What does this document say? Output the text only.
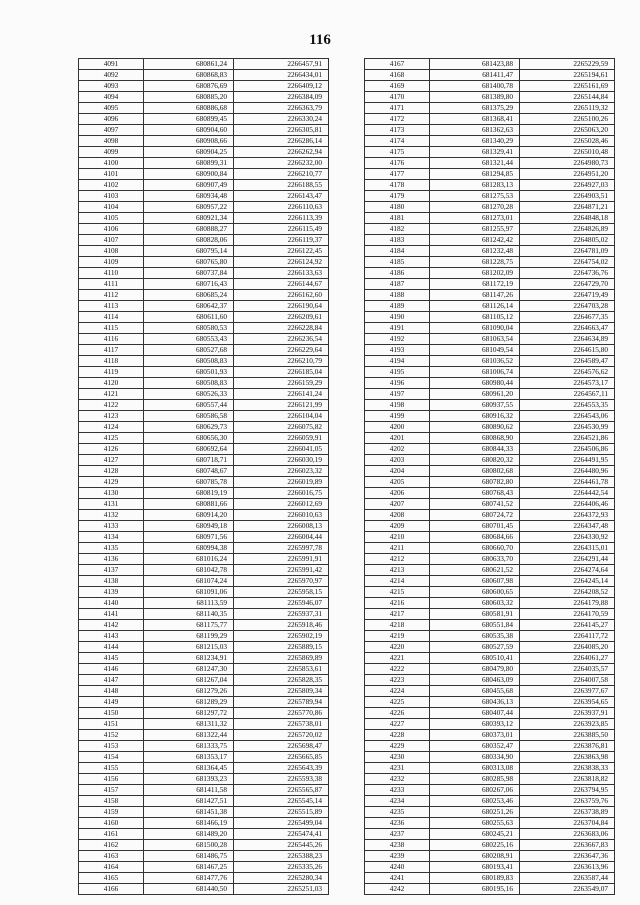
116
4091	680861,24	2266457,91
4092	680868,83	2266434,01
4093	680876,69	2266409,12
4094	680885,20	2266384,09
4095	680886,68	2266363,79
4096	680899,45	2266330,24
4097	680904,60	2266305,81
4098	680908,66	2266286,14
4099	680904,25	2266262,94
4100	680899,31	2266232,00
4101	680900,84	2266210,77
4102	680907,49	2266188,55
4103	680934,48	2266143,47
4104	680957,22	2266110,63
4105	680921,34	2266113,39
4106	680888,27	2266115,49
4107	680828,06	2266119,37
4108	680795,14	2266122,45
4109	680765,80	2266124,92
4110	680737,84	2266133,63
4111	680716,43	2266144,67
4112	680685,24	2266162,60
4113	680642,37	2266190,64
4114	680611,60	2266209,61
4115	680580,53	2266228,84
4116	680553,43	2266236,54
4117	680527,68	2266229,64
4118	680508,83	2266210,79
4119	680501,93	2266185,04
4120	680508,83	2266159,29
4121	680526,33	2266141,24
4122	680557,44	2266121,99
4123	680586,58	2266104,04
4124	680629,73	2266075,82
4125	680656,30	2266059,91
4126	680692,64	2266041,05
4127	680718,71	2266030,19
4128	680748,67	2266023,32
4129	680785,78	2266019,89
4130	680819,19	2266016,75
4131	680881,66	2266012,69
4132	680914,20	2266010,63
4133	680949,18	2266008,13
4134	680971,56	2266004,44
4135	680994,38	2265997,78
4136	681016,24	2265991,91
4137	681042,78	2265991,42
4138	681074,24	2265970,97
4139	681091,06	2265958,15
4140	681113,59	2265946,07
4141	681140,35	2265937,31
4142	681175,77	2265918,46
4143	681199,29	2265902,19
4144	681215,03	2265889,15
4145	681234,91	2265869,89
4146	681247,30	2265853,61
4147	681267,04	2265828,35
4148	681279,26	2265809,34
4149	681289,29	2265789,94
4150	681297,72	2265770,86
4151	681311,32	2265738,01
4152	681322,44	2265720,02
4153	681333,75	2265698,47
4154	681353,17	2265665,85
4155	681364,45	2265643,39
4156	681393,23	2265593,38
4157	681411,58	2265565,87
4158	681427,51	2265545,14
4159	681451,38	2265515,89
4160	681466,19	2265499,04
4161	681489,20	2265474,41
4162	681500,28	2265445,26
4163	681486,75	2265388,23
4164	681467,25	2265335,26
4165	681477,76	2265280,34
4166	681440,50	2265251,03
4167	681423,88	2265229,59
4168	681411,47	2265194,61
4169	681400,78	2265161,69
4170	681389,80	2265144,84
4171	681375,29	2265119,32
4172	681368,41	2265100,26
4173	681362,63	2265063,20
4174	681340,29	2265028,46
4175	681329,41	2265010,48
4176	681321,44	2264980,73
4177	681294,85	2264951,20
4178	681283,13	2264927,03
4179	681275,53	2264903,51
4180	681270,28	2264871,21
4181	681273,01	2264848,18
4182	681255,97	2264826,89
4183	681242,42	2264805,02
4184	681232,48	2264781,09
4185	681228,75	2264754,02
4186	681202,09	2264736,76
4187	681172,19	2264729,70
4188	681147,26	2264719,49
4189	681126,14	2264703,28
4190	681105,12	2264677,35
4191	681090,04	2264663,47
4192	681063,54	2264634,89
4193	681049,54	2264615,80
4194	681036,52	2264589,47
4195	681006,74	2264576,62
4196	680980,44	2264573,17
4197	680961,20	2264567,11
4198	680937,55	2264553,35
4199	680916,32	2264543,06
4200	680890,62	2264530,99
4201	680868,90	2264521,86
4202	680844,33	2264506,86
4203	680820,32	2264491,95
4204	680802,68	2264480,96
4205	680782,80	2264461,78
4206	680768,43	2264442,54
4207	680741,52	2264406,46
4208	680724,72	2264372,93
4209	680701,45	2264347,48
4210	680684,66	2264330,92
4211	680660,70	2264315,01
4212	680633,70	2264291,44
4213	680621,52	2264274,64
4214	680607,98	2264245,14
4215	680600,65	2264208,52
4216	680603,32	2264179,88
4217	680581,91	2264170,59
4218	680551,84	2264145,27
4219	680535,38	2264117,72
4220	680527,59	2264085,20
4221	680510,41	2264061,27
4222	680479,80	2264035,57
4223	680463,09	2264007,58
4224	680455,68	2263977,67
4225	680436,13	2263954,65
4226	680407,44	2263937,91
4227	680393,12	2263923,85
4228	680373,01	2263885,50
4229	680352,47	2263876,81
4230	680334,90	2263863,98
4231	680313,08	2263838,33
4232	680285,98	2263818,82
4233	680267,06	2263794,95
4234	680253,46	2263759,76
4235	680251,26	2263738,89
4236	680255,63	2263704,84
4237	680245,21	2263683,06
4238	680225,16	2263667,83
4239	680208,91	2263647,36
4240	680193,41	2263613,96
4241	680189,83	2263587,44
4242	680195,16	2263549,07
